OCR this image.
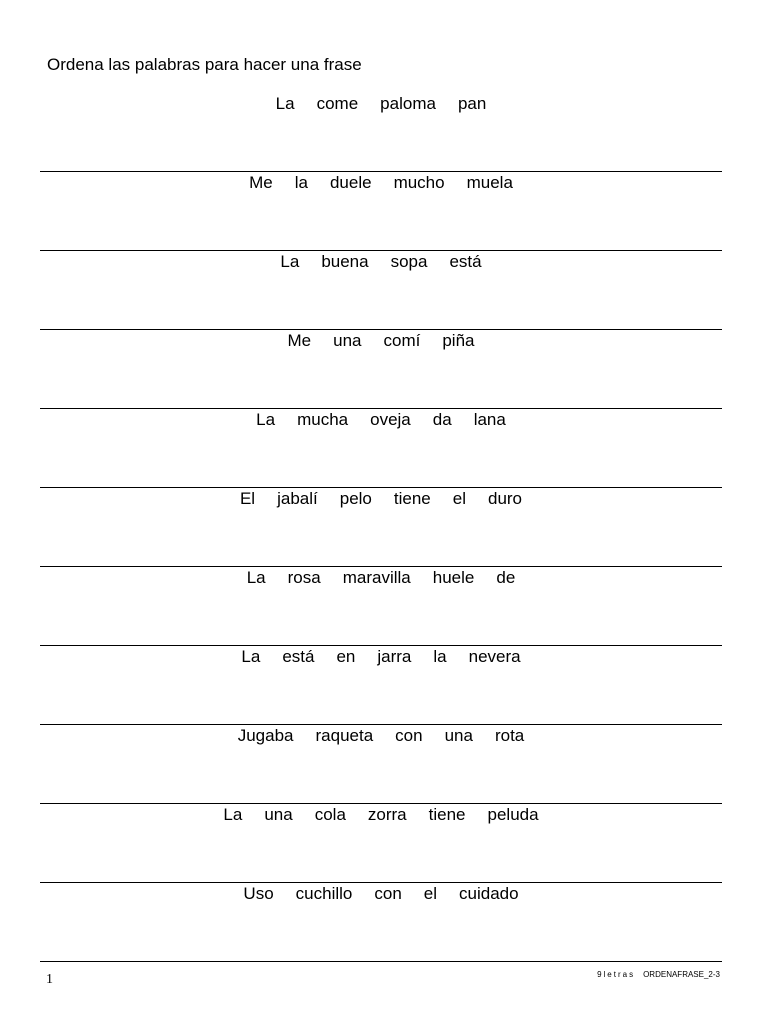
Ordena las palabras para hacer una frase
La come paloma pan
Me la duele mucho muela
La buena sopa está
Me una comí piña
La mucha oveja da lana
El jabalí pelo tiene el duro
La rosa maravilla huele de
La está en jarra la nevera
Jugaba raqueta con una rota
La una cola zorra tiene peluda
Uso cuchillo con el cuidado
1	9letras ORDENAFRASE_2-3
